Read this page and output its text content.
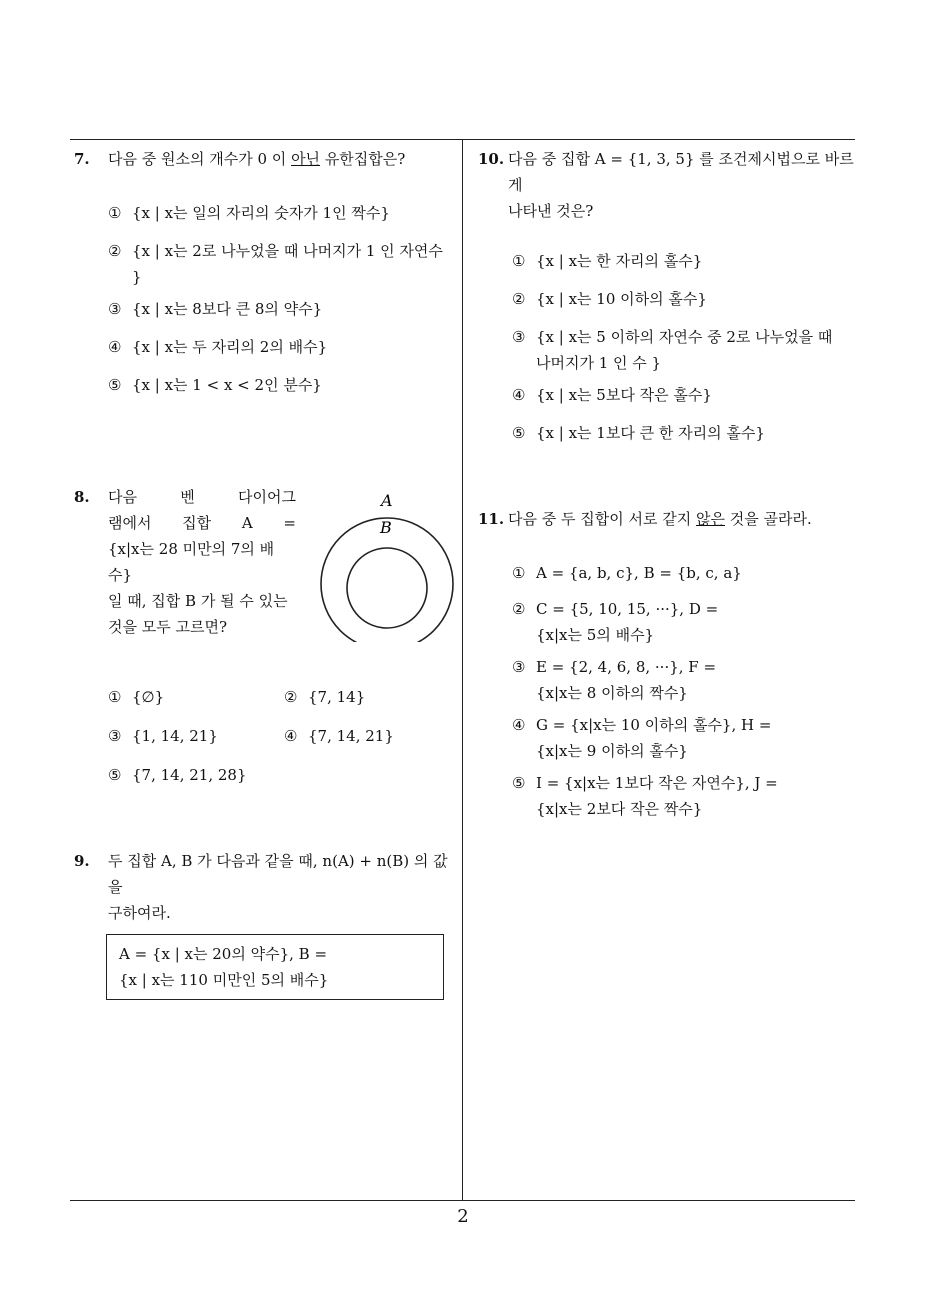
7.	다음 중 원소의 개수가 0 이 아닌 유한집합은?
① {x | x는 일의 자리의 숫자가 1인 짝수}
② {x | x는 2로 나누었을 때 나머지가 1 인 자연수
}
③ {x | x는 8보다 큰 8의 약수}
④ {x | x는 두 자리의 2의 배수}
⑤ {x | x는 1 < x < 2인 분수}
8.	다음 벤 다이어그
램에서 집합 A =
{x|x는 28 미만의 7의 배수}
일 때, 집합 B 가 될 수 있는
것을 모두 고르면?
A
B
① {∅}	② {7, 14}
③ {1, 14, 21}	④ {7, 14, 21}
⑤ {7, 14, 21, 28}
9.	두 집합 A, B 가 다음과 같을 때, n(A) + n(B) 의 값을
구하여라.
A = {x | x는 20의 약수}, B =
{x | x는 110 미만인 5의 배수}
10. 다음 중 집합 A = {1, 3, 5} 를 조건제시법으로 바르게
나타낸 것은?
① {x | x는 한 자리의 홀수}
② {x | x는 10 이하의 홀수}
③ {x | x는 5 이하의 자연수 중 2로 나누었을 때
나머지가 1 인 수 }
④ {x | x는 5보다 작은 홀수}
⑤ {x | x는 1보다 큰 한 자리의 홀수}
11. 다음 중 두 집합이 서로 같지 않은 것을 골라라.
① A = {a, b, c}, B = {b, c, a}
② C = {5, 10, 15, ···}, D =
{x|x는 5의 배수}
③ E = {2, 4, 6, 8, ···}, F =
{x|x는 8 이하의 짝수}
④ G = {x|x는 10 이하의 홀수}, H =
{x|x는 9 이하의 홀수}
⑤ I = {x|x는 1보다 작은 자연수}, J =
{x|x는 2보다 작은 짝수}
2
